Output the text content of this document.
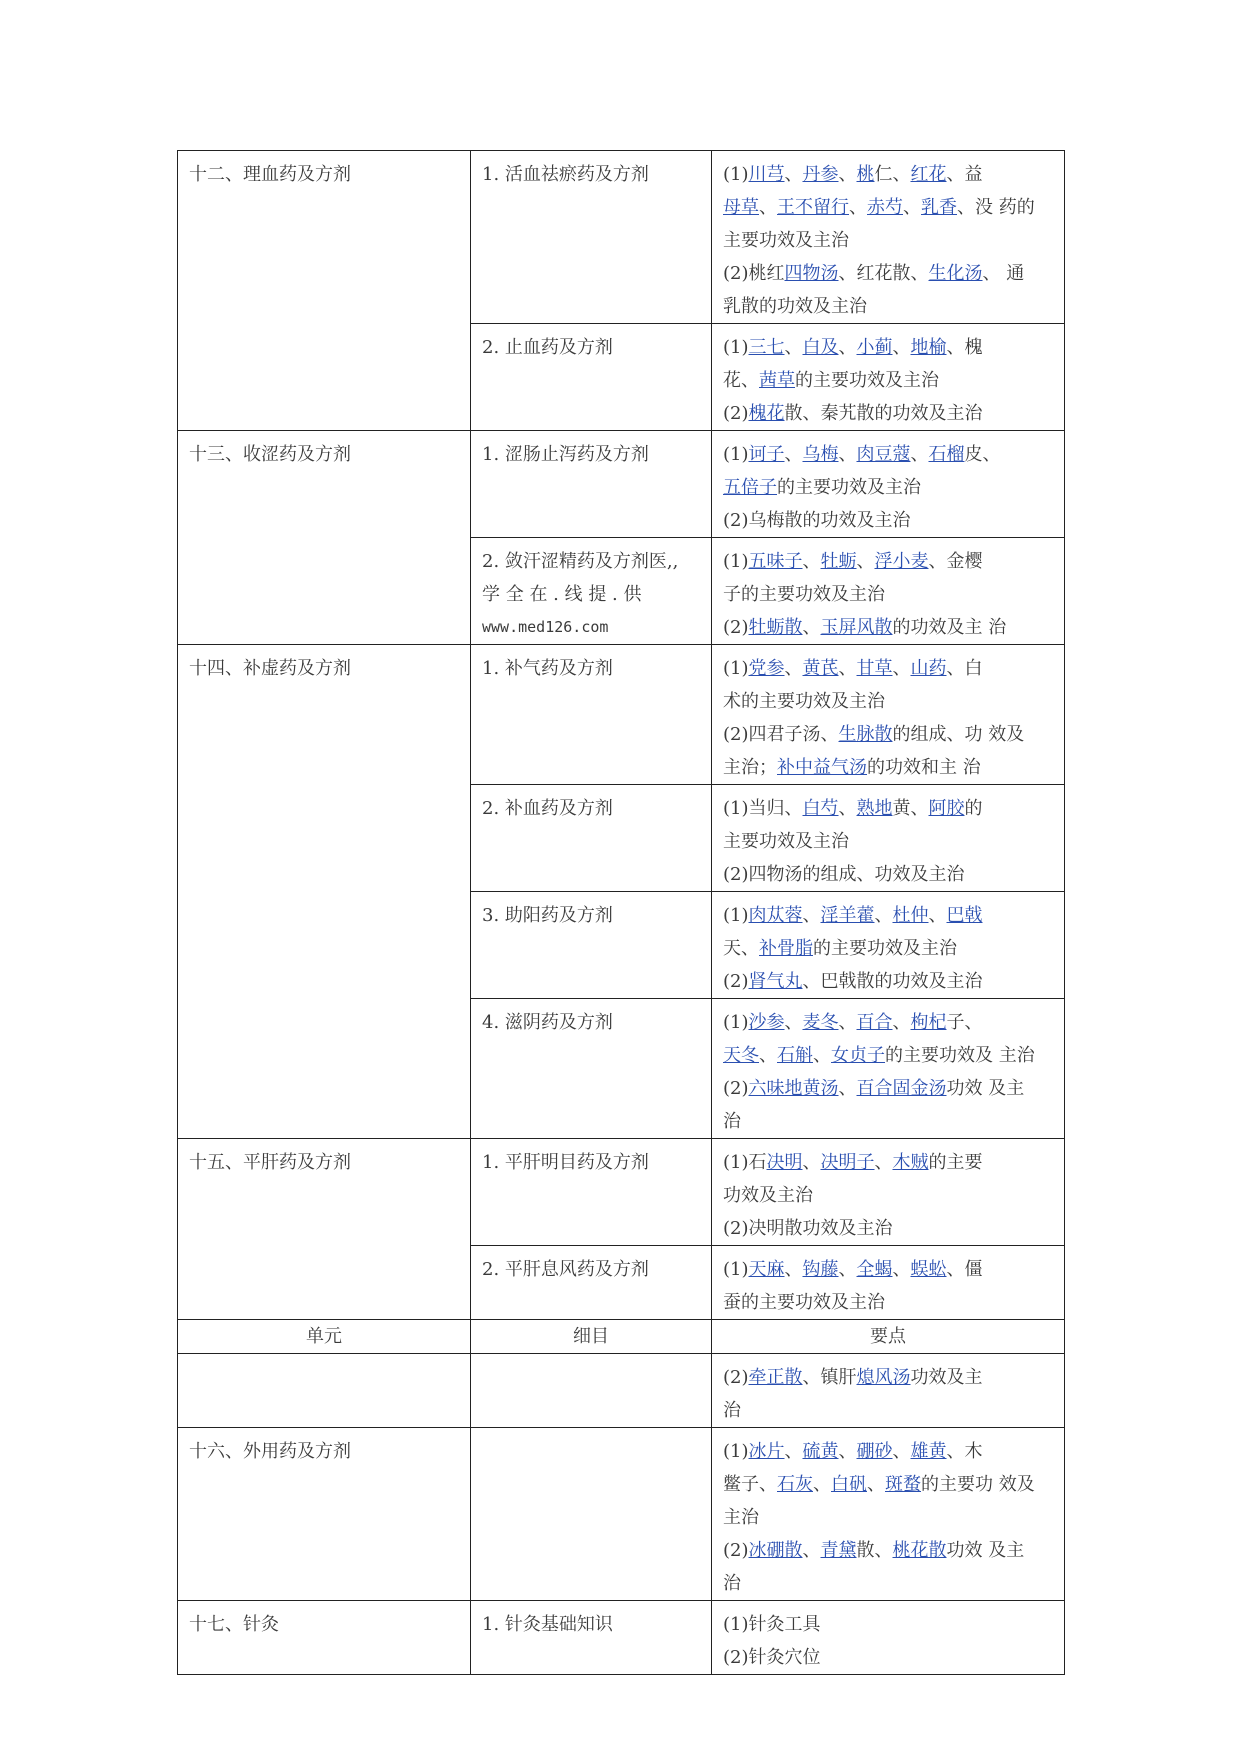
十二、理血药及方剂	1. 活血祛瘀药及方剂	(1)川芎、丹参、桃仁、红花、益
母草、王不留行、赤芍、乳香、没 药的
主要功效及主治
(2)桃红四物汤、红花散、生化汤、 通
乳散的功效及主治

	2. 止血药及方剂	(1)三七、白及、小蓟、地榆、槐
花、茜草的主要功效及主治
(2)槐花散、秦艽散的功效及主治

十三、收涩药及方剂	1. 涩肠止泻药及方剂	(1)诃子、乌梅、肉豆蔻、石榴皮、
五倍子的主要功效及主治
(2)乌梅散的功效及主治

	2. 敛汗涩精药及方剂医,, 学 全 在 . 线 提 . 供
www.med126.com	(1)五味子、牡蛎、浮小麦、金樱
子的主要功效及主治
(2)牡蛎散、玉屏风散的功效及主 治

十四、补虚药及方剂	1. 补气药及方剂	(1)党参、黄芪、甘草、山药、白
术的主要功效及主治
(2)四君子汤、生脉散的组成、功 效及
主治；补中益气汤的功效和主 治

	2. 补血药及方剂	(1)当归、白芍、熟地黄、阿胶的
主要功效及主治
(2)四物汤的组成、功效及主治

	3. 助阳药及方剂	(1)肉苁蓉、淫羊藿、杜仲、巴戟
天、补骨脂的主要功效及主治
(2)肾气丸、巴戟散的功效及主治

	4. 滋阴药及方剂	(1)沙参、麦冬、百合、枸杞子、
天冬、石斛、女贞子的主要功效及 主治
(2)六味地黄汤、百合固金汤功效 及主
治

十五、平肝药及方剂	1. 平肝明目药及方剂	(1)石决明、决明子、木贼的主要
功效及主治
(2)决明散功效及主治

	2. 平肝息风药及方剂	(1)天麻、钩藤、全蝎、蜈蚣、僵
蚕的主要功效及主治

单元	细目	要点

		(2)牵正散、镇肝熄风汤功效及主
治

十六、外用药及方剂		(1)冰片、硫黄、硼砂、雄黄、木
鳖子、石灰、白矾、斑蝥的主要功 效及
主治
(2)冰硼散、青黛散、桃花散功效 及主
治

十七、针灸	1. 针灸基础知识	(1)针灸工具
(2)针灸穴位
